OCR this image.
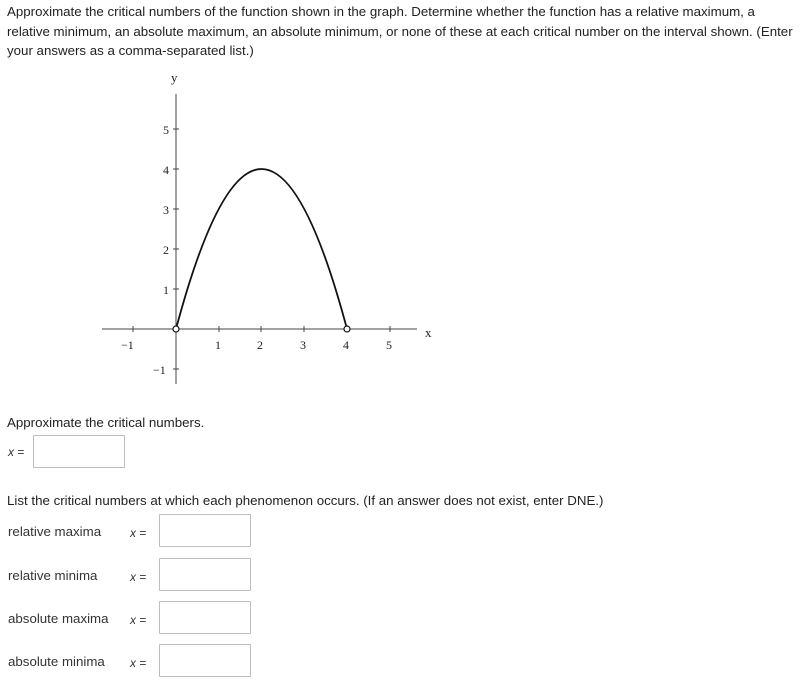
Approximate the critical numbers of the function shown in the graph. Determine whether the function has a relative maximum, a relative minimum, an absolute maximum, an absolute minimum, or none of these at each critical number on the interval shown. (Enter your answers as a comma-separated list.)

y
x
−1	1	2	3	4	5
5
4
3
2
1
−1

Approximate the critical numbers.

x =

List the critical numbers at which each phenomenon occurs. (If an answer does not exist, enter DNE.)

relative maxima x =
relative minima	x =
absolute maxima x =
absolute minima x =
